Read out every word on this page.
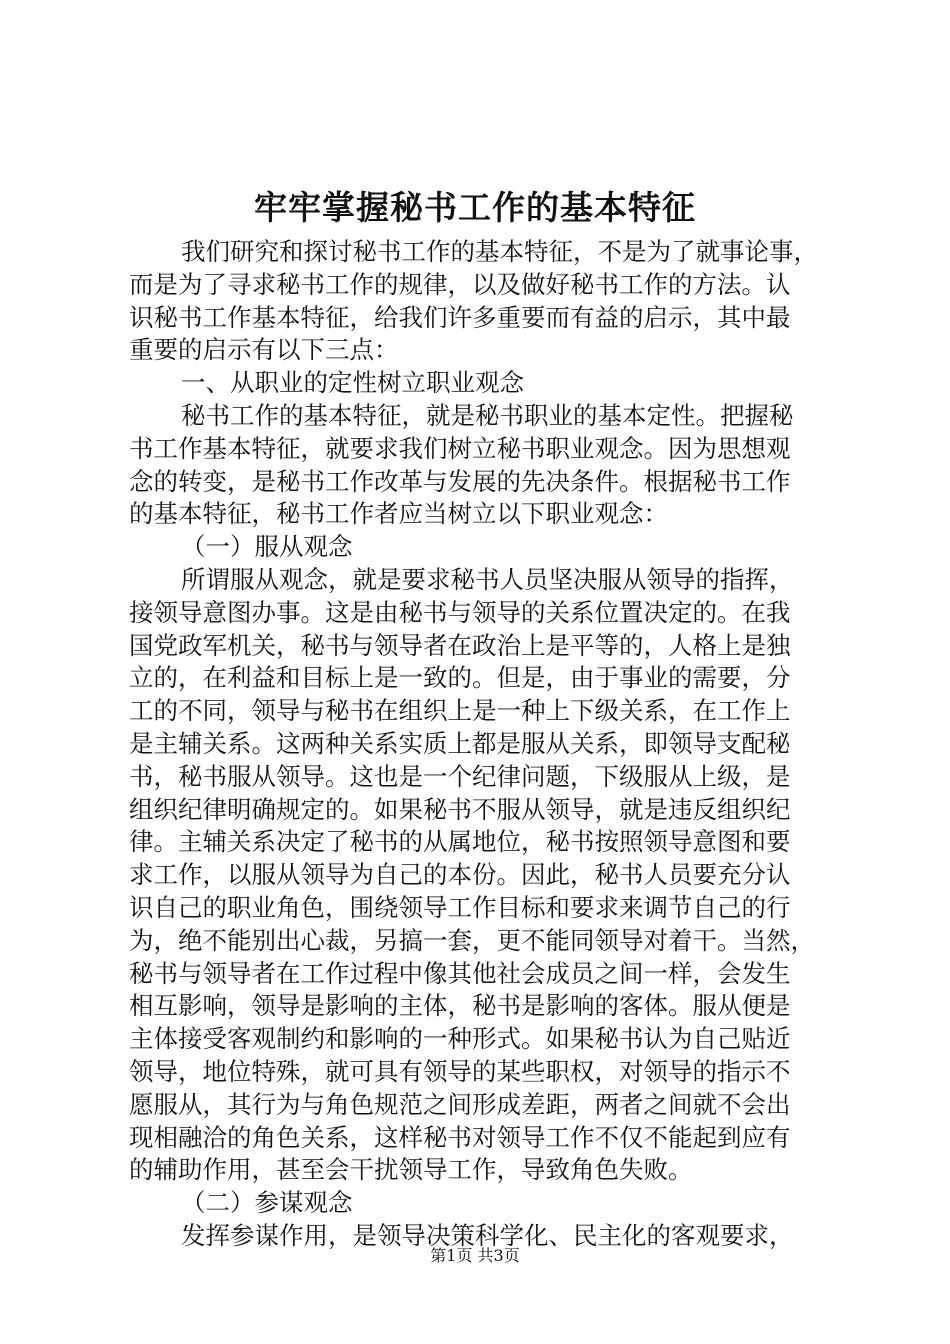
牢牢掌握秘书工作的基本特征
我们研究和探讨秘书工作的基本特征，不是为了就事论事，
而是为了寻求秘书工作的规律，以及做好秘书工作的方法。认
识秘书工作基本特征，给我们许多重要而有益的启示，其中最
重要的启示有以下三点：
一、从职业的定性树立职业观念
秘书工作的基本特征，就是秘书职业的基本定性。把握秘
书工作基本特征，就要求我们树立秘书职业观念。因为思想观
念的转变，是秘书工作改革与发展的先决条件。根据秘书工作
的基本特征，秘书工作者应当树立以下职业观念：
（一）服从观念
所谓服从观念，就是要求秘书人员坚决服从领导的指挥，
接领导意图办事。这是由秘书与领导的关系位置决定的。在我
国党政军机关，秘书与领导者在政治上是平等的，人格上是独
立的，在利益和目标上是一致的。但是，由于事业的需要，分
工的不同，领导与秘书在组织上是一种上下级关系，在工作上
是主辅关系。这两种关系实质上都是服从关系，即领导支配秘
书，秘书服从领导。这也是一个纪律问题，下级服从上级，是
组织纪律明确规定的。如果秘书不服从领导，就是违反组织纪
律。主辅关系决定了秘书的从属地位，秘书按照领导意图和要
求工作，以服从领导为自己的本份。因此，秘书人员要充分认
识自己的职业角色，围绕领导工作目标和要求来调节自己的行
为，绝不能别出心裁，另搞一套，更不能同领导对着干。当然，
秘书与领导者在工作过程中像其他社会成员之间一样，会发生
相互影响，领导是影响的主体，秘书是影响的客体。服从便是
主体接受客观制约和影响的一种形式。如果秘书认为自己贴近
领导，地位特殊，就可具有领导的某些职权，对领导的指示不
愿服从，其行为与角色规范之间形成差距，两者之间就不会出
现相融洽的角色关系，这样秘书对领导工作不仅不能起到应有
的辅助作用，甚至会干扰领导工作，导致角色失败。
（二）参谋观念
发挥参谋作用，是领导决策科学化、民主化的客观要求，
第1页 共3页
